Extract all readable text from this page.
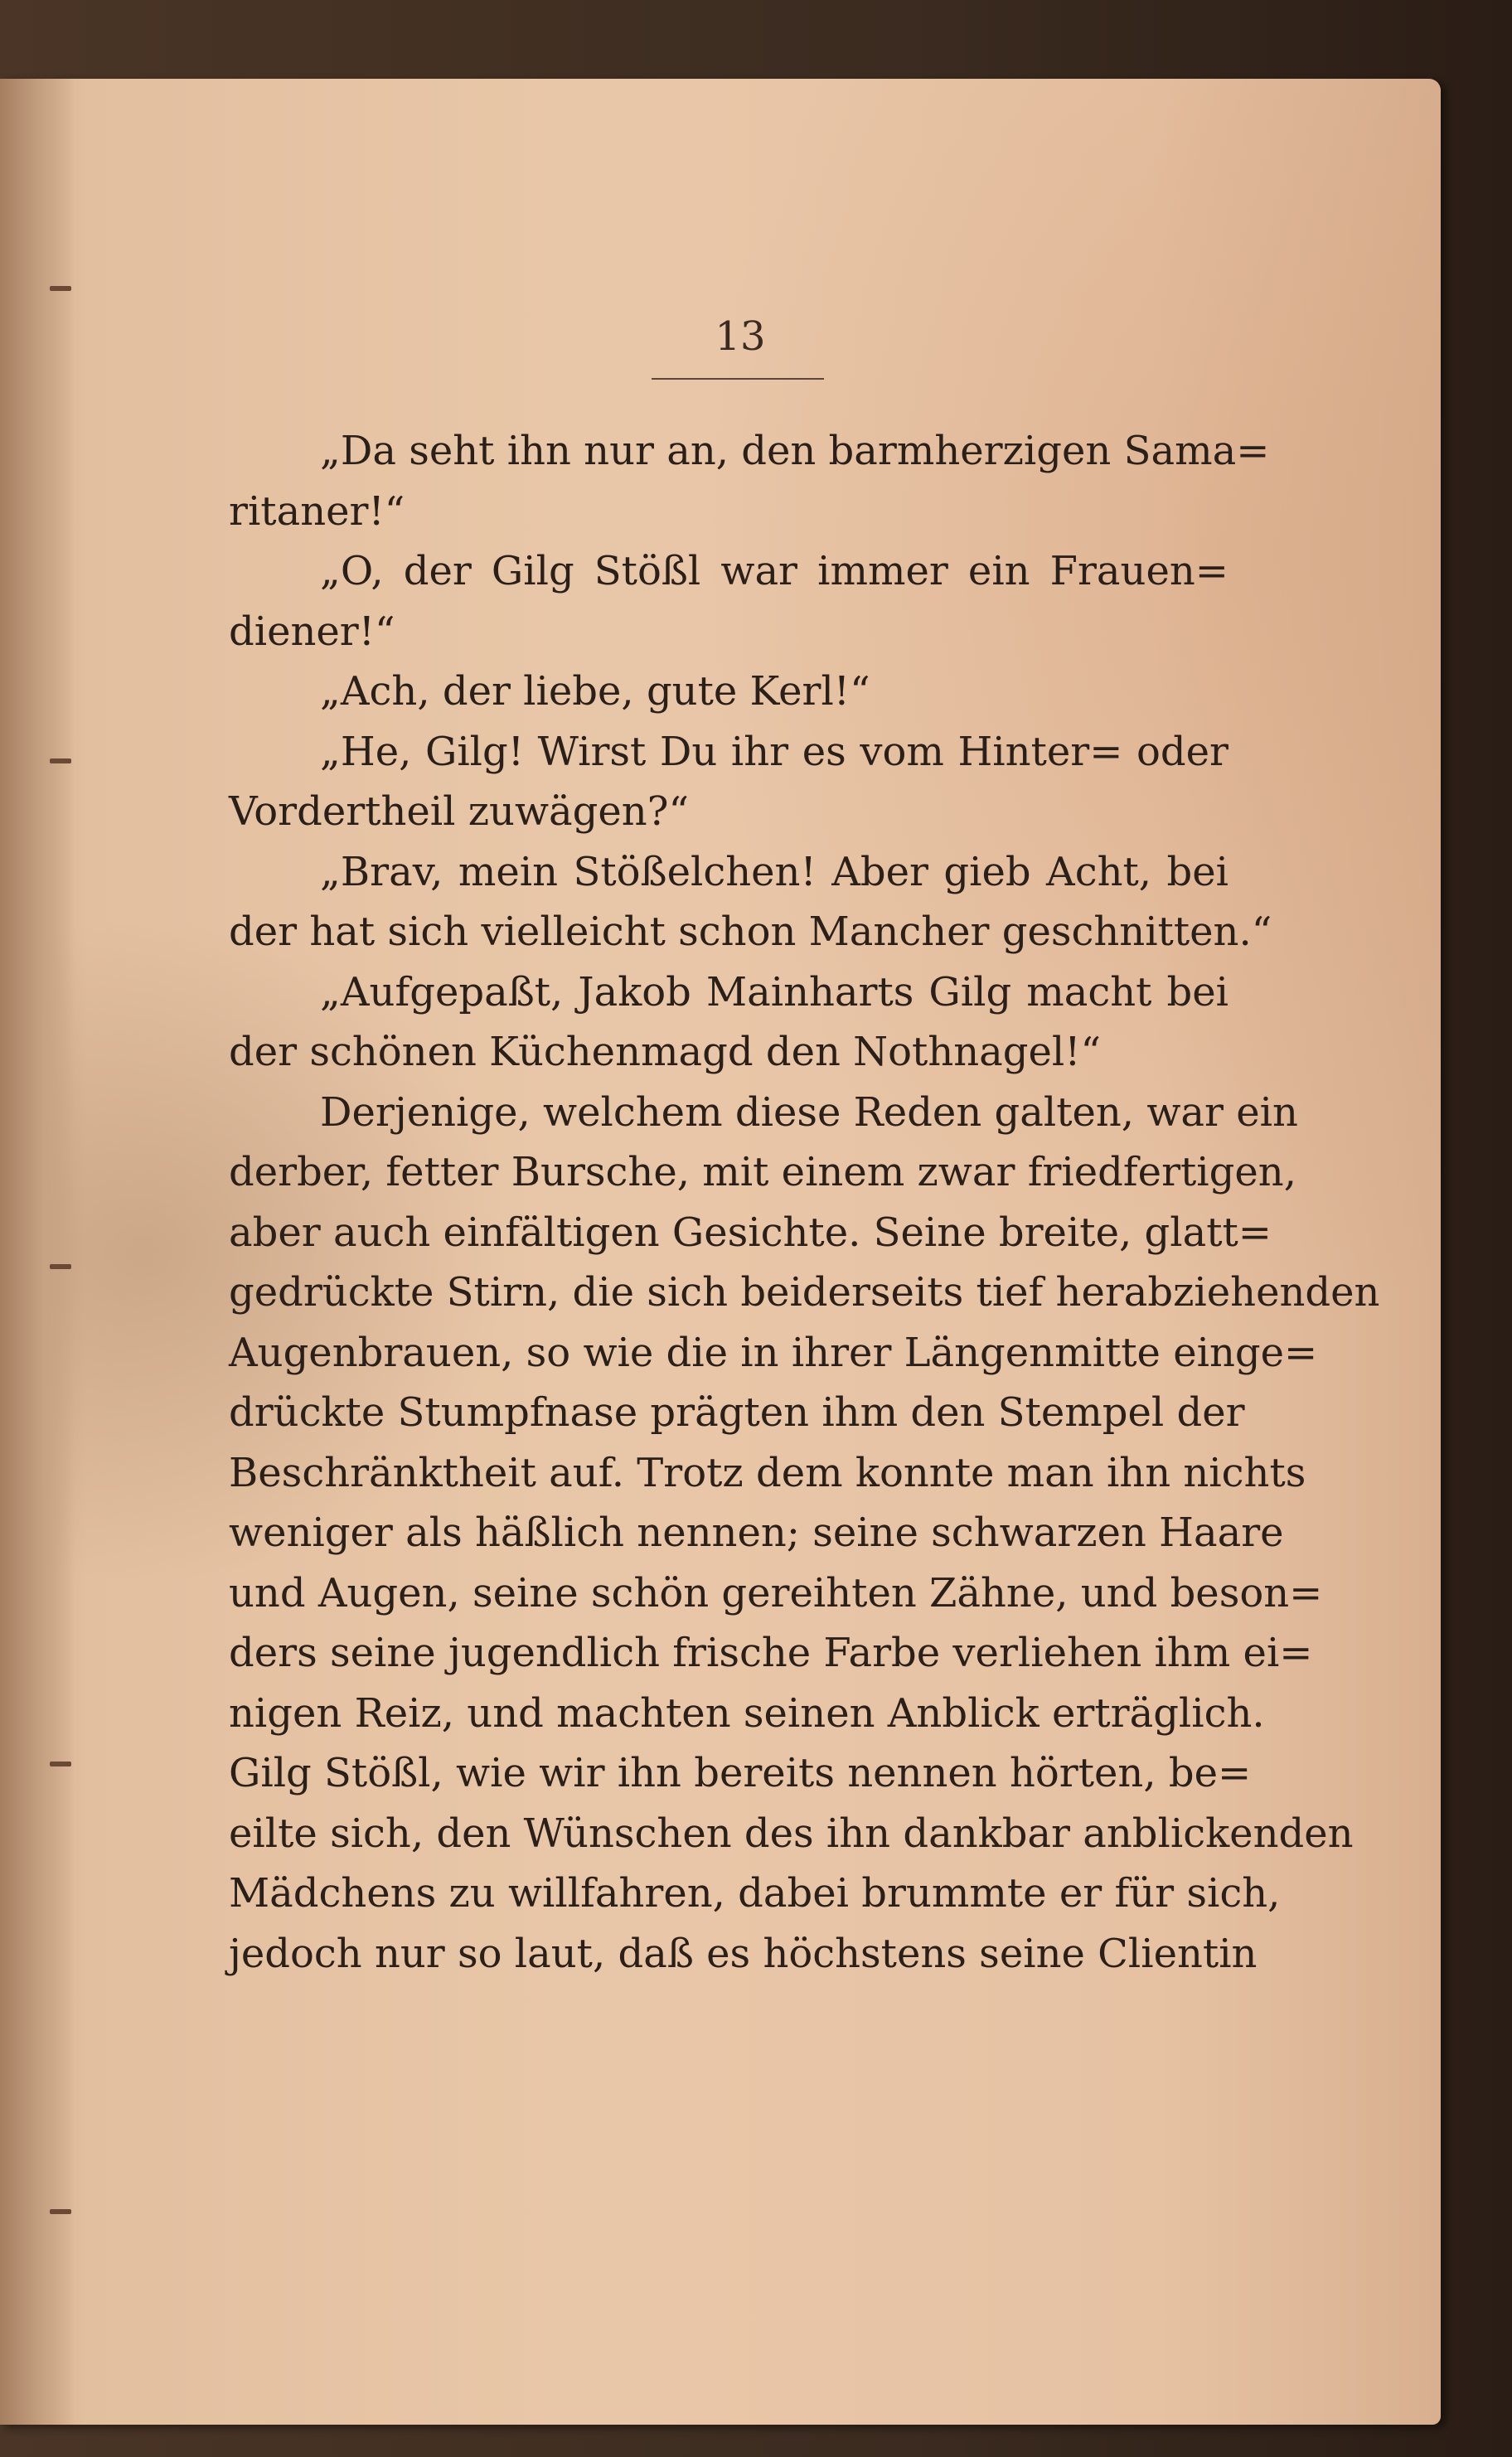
13
„Da seht ihn nur an, den barmherzigen Sama=
ritaner!“
„O, der Gilg Stößl war immer ein Frauen=
diener!“
„Ach, der liebe, gute Kerl!“
„He, Gilg! Wirst Du ihr es vom Hinter= oder
Vordertheil zuwägen?“
„Brav, mein Stößelchen! Aber gieb Acht, bei
der hat sich vielleicht schon Mancher geschnitten.“
„Aufgepaßt, Jakob Mainharts Gilg macht bei
der schönen Küchenmagd den Nothnagel!“
Derjenige, welchem diese Reden galten, war ein
derber, fetter Bursche, mit einem zwar friedfertigen,
aber auch einfältigen Gesichte. Seine breite, glatt=
gedrückte Stirn, die sich beiderseits tief herabziehenden
Augenbrauen, so wie die in ihrer Längenmitte einge=
drückte Stumpfnase prägten ihm den Stempel der
Beschränktheit auf. Trotz dem konnte man ihn nichts
weniger als häßlich nennen; seine schwarzen Haare
und Augen, seine schön gereihten Zähne, und beson=
ders seine jugendlich frische Farbe verliehen ihm ei=
nigen Reiz, und machten seinen Anblick erträglich.
Gilg Stößl, wie wir ihn bereits nennen hörten, be=
eilte sich, den Wünschen des ihn dankbar anblickenden
Mädchens zu willfahren, dabei brummte er für sich,
jedoch nur so laut, daß es höchstens seine Clientin
